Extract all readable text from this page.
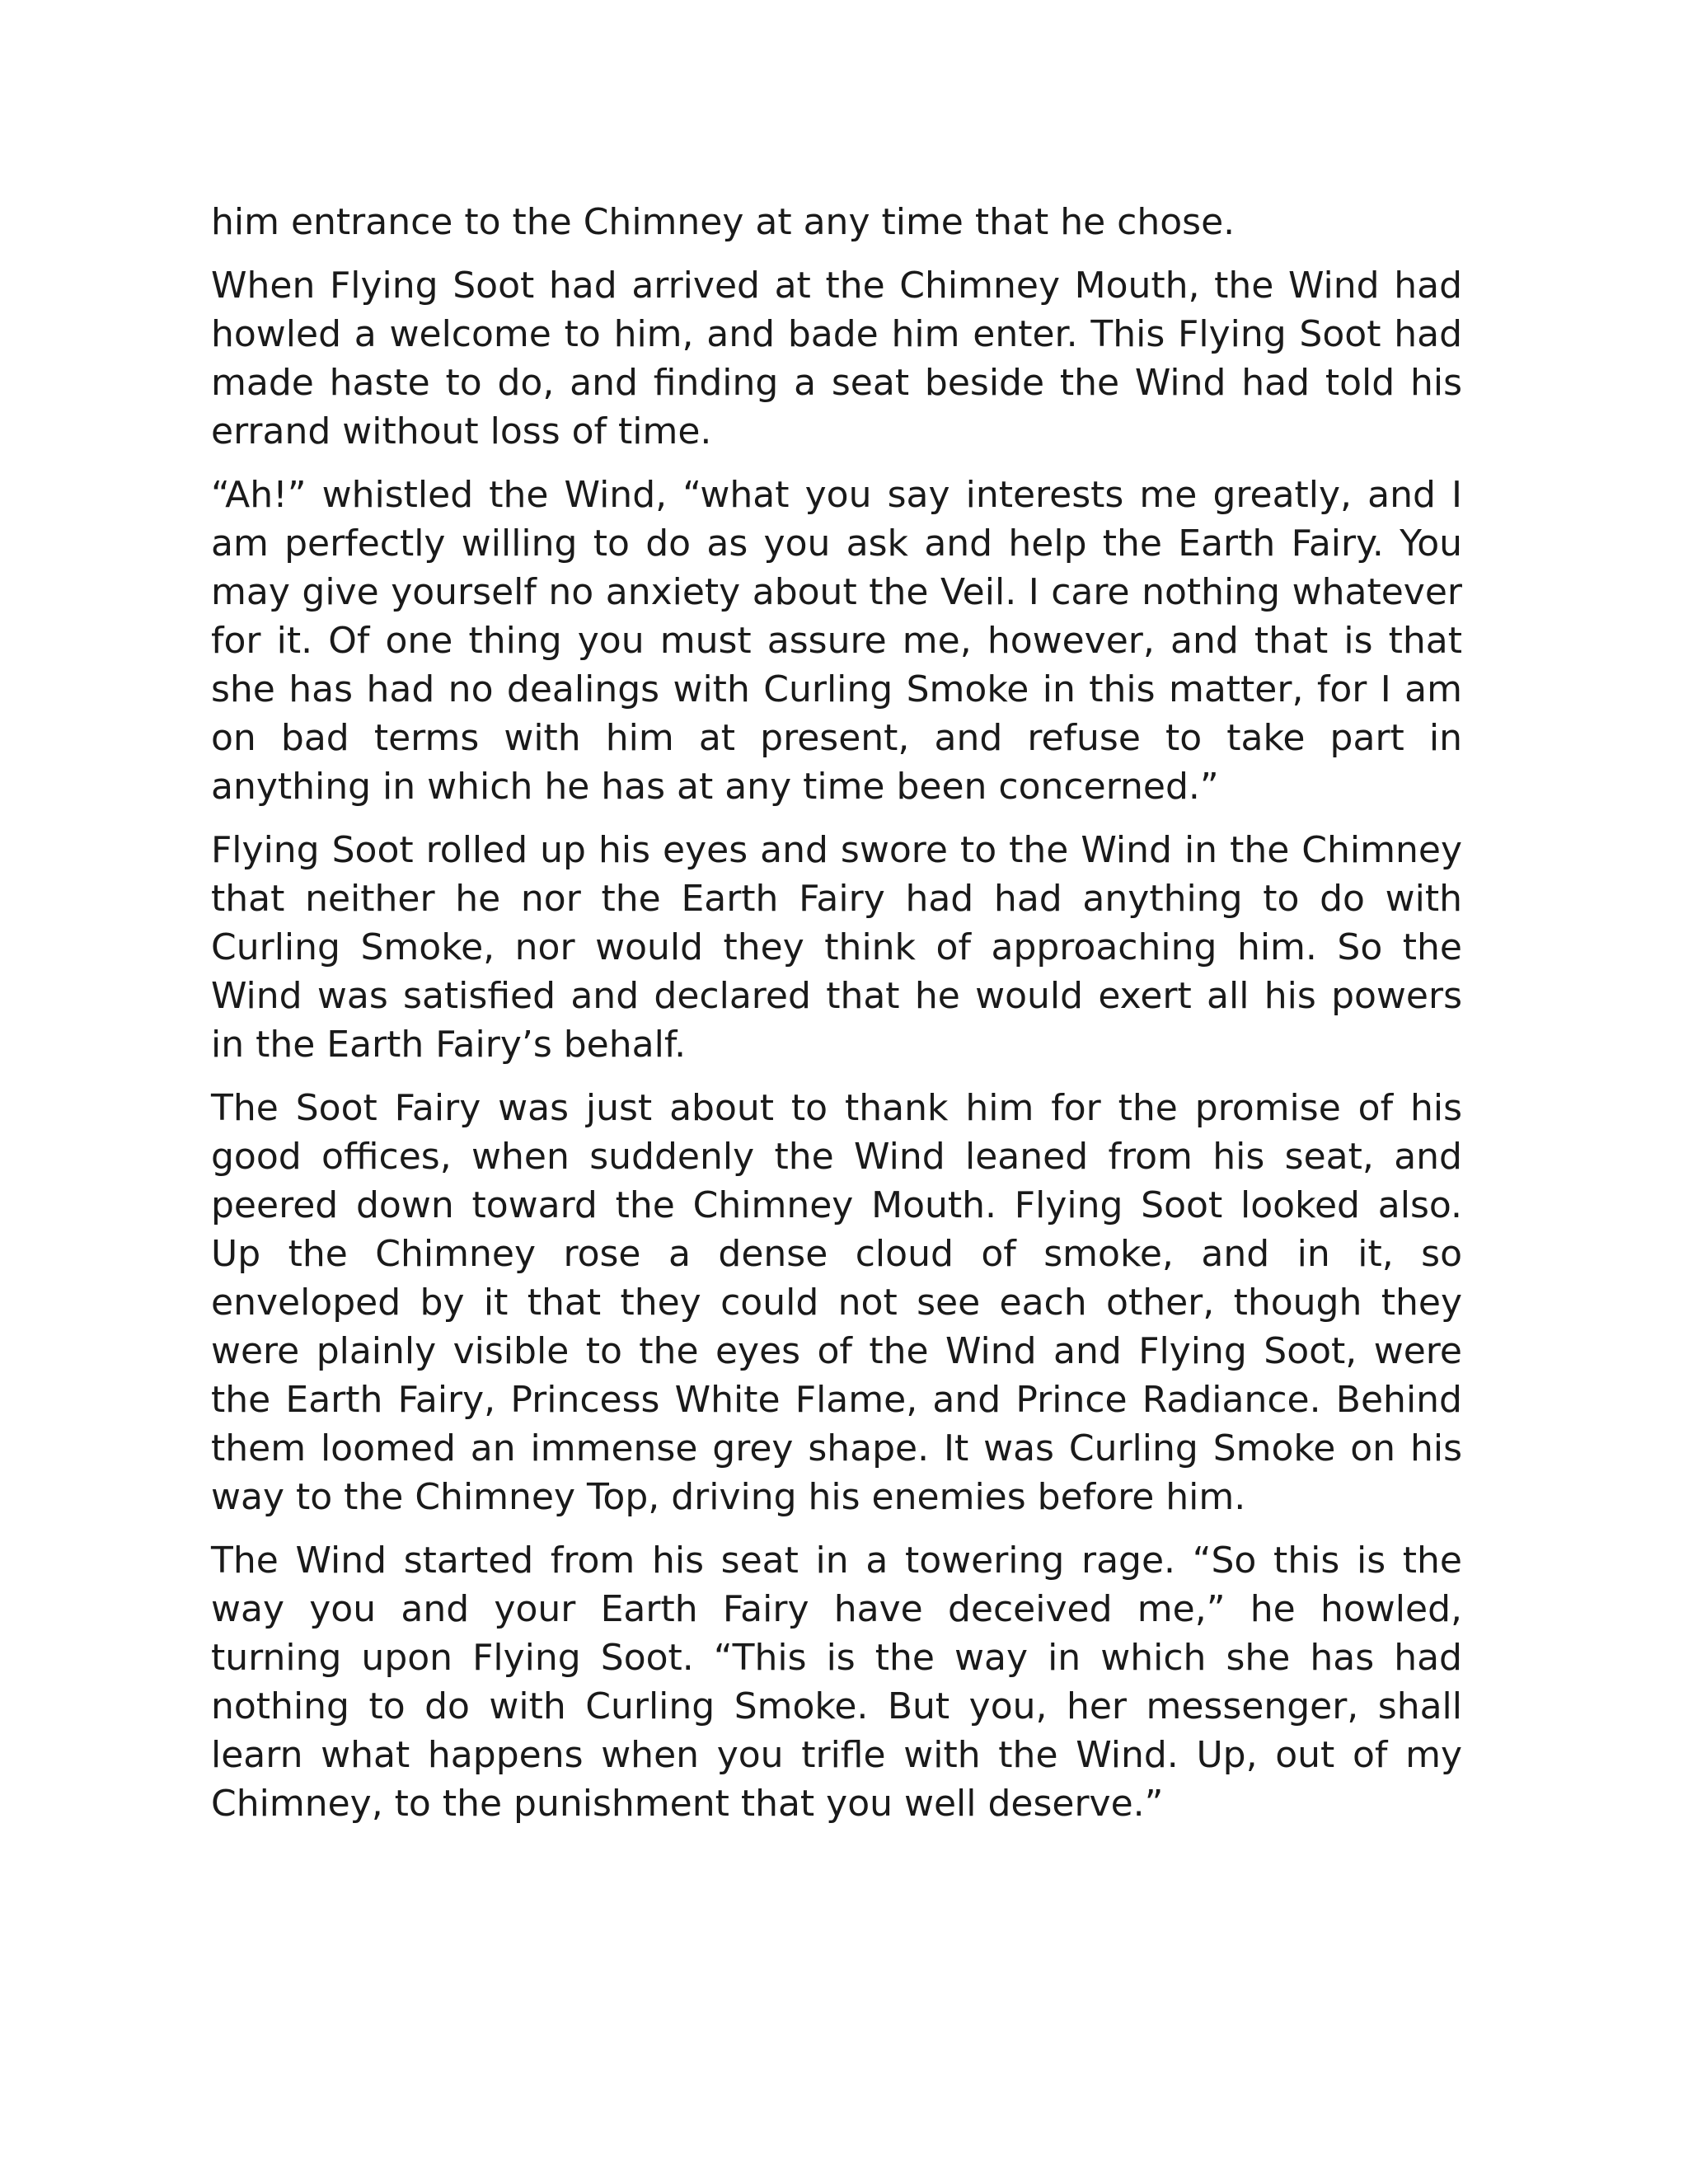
him entrance to the Chimney at any time that he chose.

When Flying Soot had arrived at the Chimney Mouth, the Wind had howled a welcome to him, and bade him enter. This Flying Soot had made haste to do, and finding a seat beside the Wind had told his errand without loss of time.

“Ah!” whistled the Wind, “what you say interests me greatly, and I am perfectly willing to do as you ask and help the Earth Fairy. You may give yourself no anxiety about the Veil. I care nothing whatever for it. Of one thing you must assure me, however, and that is that she has had no dealings with Curling Smoke in this matter, for I am on bad terms with him at present, and refuse to take part in anything in which he has at any time been concerned.”

Flying Soot rolled up his eyes and swore to the Wind in the Chimney that neither he nor the Earth Fairy had had anything to do with Curling Smoke, nor would they think of approaching him. So the Wind was satisfied and declared that he would exert all his powers in the Earth Fairy’s behalf.

The Soot Fairy was just about to thank him for the promise of his good offices, when suddenly the Wind leaned from his seat, and peered down toward the Chimney Mouth. Flying Soot looked also. Up the Chimney rose a dense cloud of smoke, and in it, so enveloped by it that they could not see each other, though they were plainly visible to the eyes of the Wind and Flying Soot, were the Earth Fairy, Princess White Flame, and Prince Radiance. Behind them loomed an immense grey shape. It was Curling Smoke on his way to the Chimney Top, driving his enemies before him.

The Wind started from his seat in a towering rage. “So this is the way you and your Earth Fairy have deceived me,” he howled, turning upon Flying Soot. “This is the way in which she has had nothing to do with Curling Smoke. But you, her messenger, shall learn what happens when you trifle with the Wind. Up, out of my Chimney, to the punishment that you well deserve.”
